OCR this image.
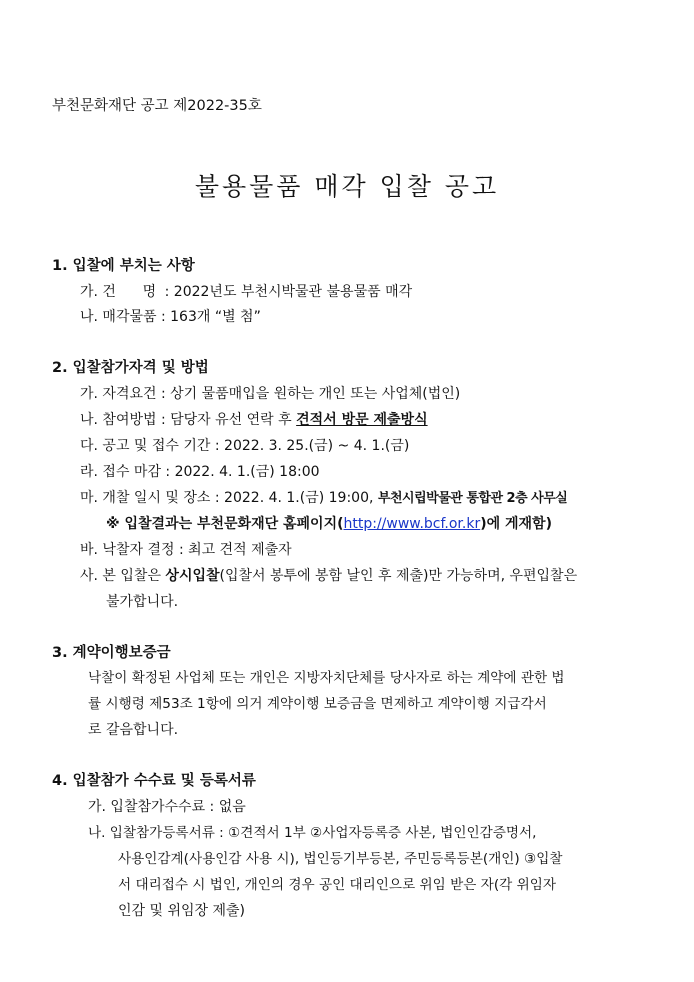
부천문화재단 공고 제2022-35호
불용물품 매각 입찰 공고
1. 입찰에 부치는 사항
가. 건      명 : 2022년도 부천시박물관 불용물품 매각
나. 매각물품 : 163개 “별 첨”
2. 입찰참가자격 및 방법
가. 자격요건 : 상기 물품매입을 원하는 개인 또는 사업체(법인)
나. 참여방법 : 담당자 유선 연락 후 견적서 방문 제출방식
다. 공고 및 접수 기간 : 2022. 3. 25.(금) ~ 4. 1.(금)
라. 접수 마감 : 2022. 4. 1.(금) 18:00
마. 개찰 일시 및 장소 : 2022. 4. 1.(금) 19:00, 부천시립박물관 통합관 2층 사무실
※ 입찰결과는 부천문화재단 홈페이지(http://www.bcf.or.kr)에 게재함)
바. 낙찰자 결정 : 최고 견적 제출자
사. 본 입찰은 상시입찰(입찰서 봉투에 봉함 날인 후 제출)만 가능하며, 우편입찰은
불가합니다.
3. 계약이행보증금
낙찰이 확정된 사업체 또는 개인은 지방자치단체를 당사자로 하는 계약에 관한 법
률 시행령 제53조 1항에 의거 계약이행 보증금을 면제하고 계약이행 지급각서
로 갈음합니다.
4. 입찰참가 수수료 및 등록서류
가. 입찰참가수수료 : 없음
나. 입찰참가등록서류 : ①견적서 1부 ②사업자등록증 사본, 법인인감증명서,
사용인감계(사용인감 사용 시), 법인등기부등본, 주민등록등본(개인) ③입찰
서 대리접수 시 법인, 개인의 경우 공인 대리인으로 위임 받은 자(각 위임자
인감 및 위임장 제출)
